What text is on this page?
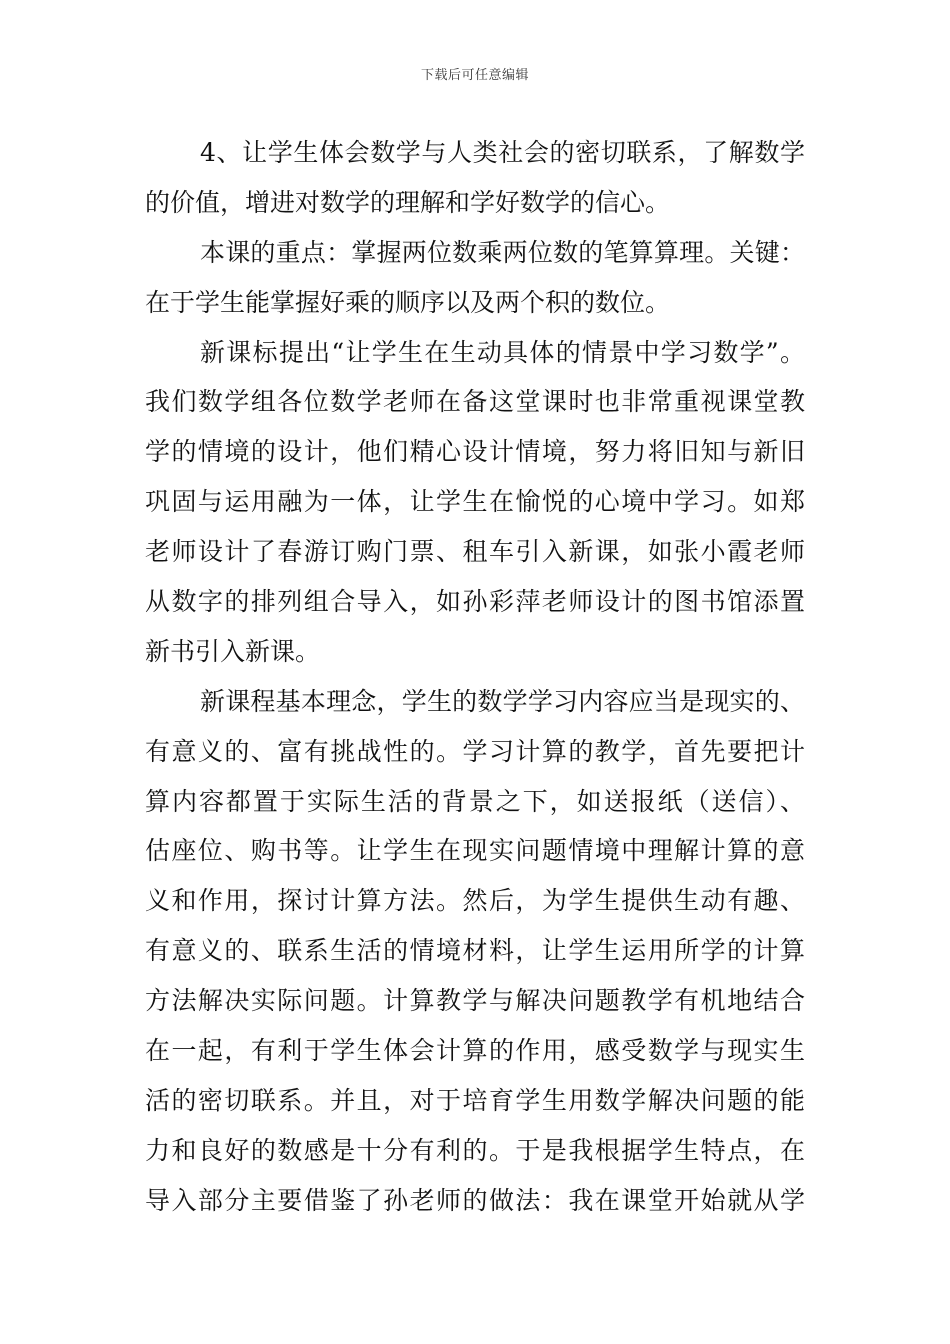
下载后可任意编辑
4、让学生体会数学与人类社会的密切联系，了解数学
的价值，增进对数学的理解和学好数学的信心。
本课的重点：掌握两位数乘两位数的笔算算理。关键：
在于学生能掌握好乘的顺序以及两个积的数位。
新课标提出“让学生在生动具体的情景中学习数学”。
我们数学组各位数学老师在备这堂课时也非常重视课堂教
学的情境的设计，他们精心设计情境，努力将旧知与新旧
巩固与运用融为一体，让学生在愉悦的心境中学习。如郑
老师设计了春游订购门票、租车引入新课，如张小霞老师
从数字的排列组合导入，如孙彩萍老师设计的图书馆添置
新书引入新课。
新课程基本理念，学生的数学学习内容应当是现实的、
有意义的、富有挑战性的。学习计算的教学，首先要把计
算内容都置于实际生活的背景之下，如送报纸（送信）、
估座位、购书等。让学生在现实问题情境中理解计算的意
义和作用，探讨计算方法。然后，为学生提供生动有趣、
有意义的、联系生活的情境材料，让学生运用所学的计算
方法解决实际问题。计算教学与解决问题教学有机地结合
在一起，有利于学生体会计算的作用，感受数学与现实生
活的密切联系。并且，对于培育学生用数学解决问题的能
力和良好的数感是十分有利的。于是我根据学生特点，在
导入部分主要借鉴了孙老师的做法：我在课堂开始就从学
